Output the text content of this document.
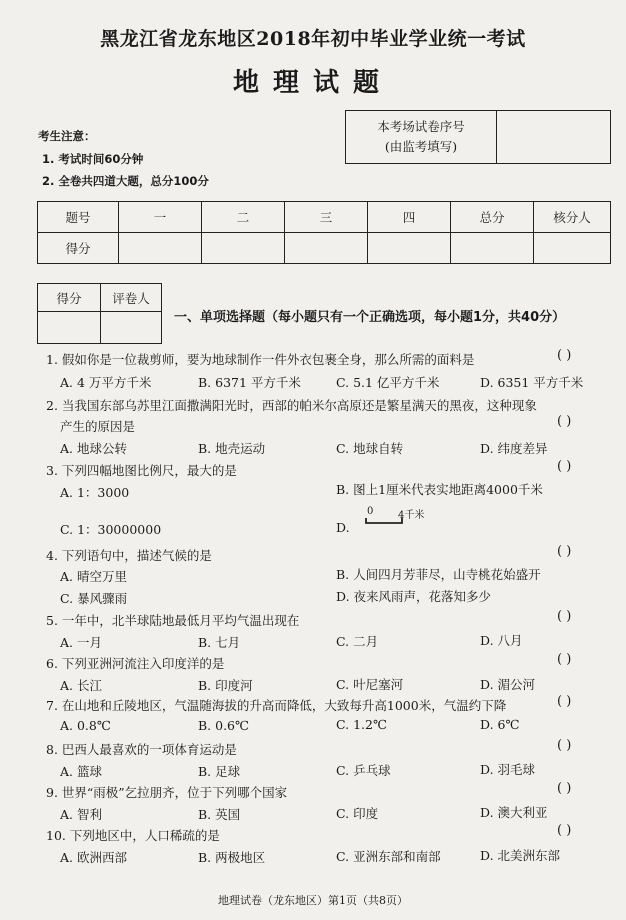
黑龙江省龙东地区2018年初中毕业学业统一考试
地理试题
考生注意：
1. 考试时间60分钟
2. 全卷共四道大题，总分100分
本考场试卷序号
(由监考填写)

题号	一	二	三	四	总分	核分人
得分						
得分	评卷人

一、单项选择题（每小题只有一个正确选项，每小题1分，共40分）
1. 假如你是一位裁剪师，要为地球制作一件外衣包裹全身，那么所需的面料是	( )
A. 4 万平方千米	B. 6371 平方千米	C. 5.1 亿平方千米	D. 6351 平方千米
2. 当我国东部乌苏里江面撒满阳光时，西部的帕米尔高原还是繁星满天的黑夜，这种现象
产生的原因是	( )
A. 地球公转	B. 地壳运动	C. 地球自转	D. 纬度差异
3. 下列四幅地图比例尺，最大的是	( )
A. 1：3000	B. 图上1厘米代表实地距离4000千米
C. 1：30000000	D.
0 4千米
4. 下列语句中，描述气候的是	( )
A. 晴空万里	B. 人间四月芳菲尽，山寺桃花始盛开
C. 暴风骤雨	D. 夜来风雨声，花落知多少
5. 一年中，北半球陆地最低月平均气温出现在	( )
A. 一月	B. 七月	C. 二月	D. 八月
6. 下列亚洲河流注入印度洋的是	( )
A. 长江	B. 印度河	C. 叶尼塞河	D. 湄公河
7. 在山地和丘陵地区，气温随海拔的升高而降低，大致每升高1000米，气温约下降	( )
A. 0.8℃	B. 0.6℃	C. 1.2℃	D. 6℃
8. 巴西人最喜欢的一项体育运动是	( )
A. 篮球	B. 足球	C. 乒乓球	D. 羽毛球
9. 世界“雨极”乞拉朋齐，位于下列哪个国家	( )
A. 智利	B. 英国	C. 印度	D. 澳大利亚
10. 下列地区中，人口稀疏的是	( )
A. 欧洲西部	B. 两极地区	C. 亚洲东部和南部	D. 北美洲东部
地理试卷（龙东地区）第1页（共8页）
